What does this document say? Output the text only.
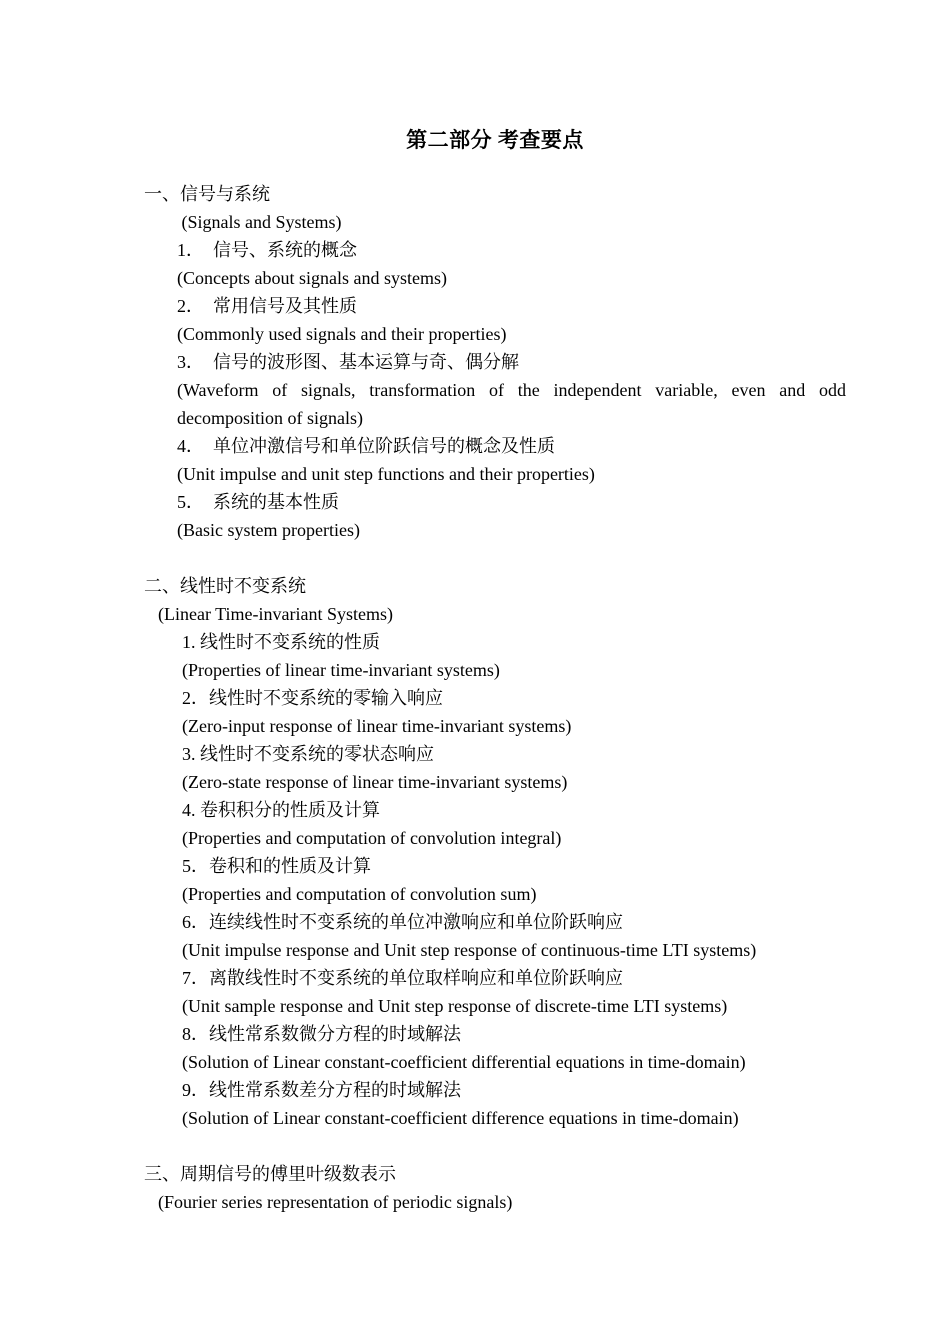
第二部分 考查要点
一、信号与系统
(Signals and Systems)
1．  信号、系统的概念
(Concepts about signals and systems)
2．  常用信号及其性质
(Commonly used signals and their properties)
3．  信号的波形图、基本运算与奇、偶分解
(Waveform of signals, transformation of the independent variable, even and odd
decomposition of signals)
4．  单位冲激信号和单位阶跃信号的概念及性质
(Unit impulse and unit step functions and their properties)
5．  系统的基本性质
(Basic system properties)
二、线性时不变系统
(Linear Time-invariant Systems)
1. 线性时不变系统的性质
(Properties of linear time-invariant systems)
2．线性时不变系统的零输入响应
(Zero-input response of linear time-invariant systems)
3. 线性时不变系统的零状态响应
(Zero-state response of linear time-invariant systems)
4. 卷积积分的性质及计算
(Properties and computation of convolution integral)
5．卷积和的性质及计算
(Properties and computation of convolution sum)
6．连续线性时不变系统的单位冲激响应和单位阶跃响应
(Unit impulse response and Unit step response of continuous-time LTI systems)
7．离散线性时不变系统的单位取样响应和单位阶跃响应
(Unit sample response and Unit step response of discrete-time LTI systems)
8．线性常系数微分方程的时域解法
(Solution of Linear constant-coefficient differential equations in time-domain)
9．线性常系数差分方程的时域解法
(Solution of Linear constant-coefficient difference equations in time-domain)
三、周期信号的傅里叶级数表示
(Fourier series representation of periodic signals)
